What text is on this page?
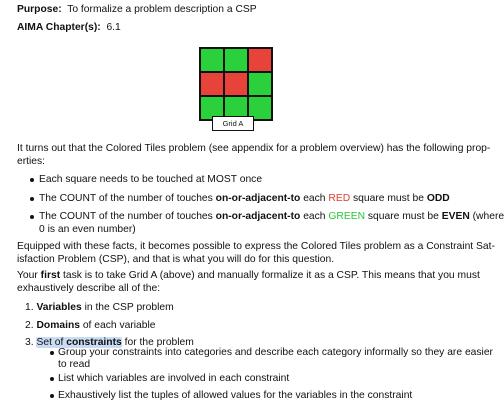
Purpose: To formalize a problem description a CSP
AIMA Chapter(s): 6.1
Grid A
It turns out that the Colored Tiles problem (see appendix for a problem overview) has the following prop-
erties:
Each square needs to be touched at MOST once
The COUNT of the number of touches on-or-adjacent-to each RED square must be ODD
The COUNT of the number of touches on-or-adjacent-to each GREEN square must be EVEN (where
0 is an even number)
Equipped with these facts, it becomes possible to express the Colored Tiles problem as a Constraint Sat-
isfaction Problem (CSP), and that is what you will do for this question.
Your first task is to take Grid A (above) and manually formalize it as a CSP. This means that you must
exhaustively describe all of the:
1. Variables in the CSP problem
2. Domains of each variable
3. Set of constraints for the problem
Group your constraints into categories and describe each category informally so they are easier
to read
List which variables are involved in each constraint
Exhaustively list the tuples of allowed values for the variables in the constraint
